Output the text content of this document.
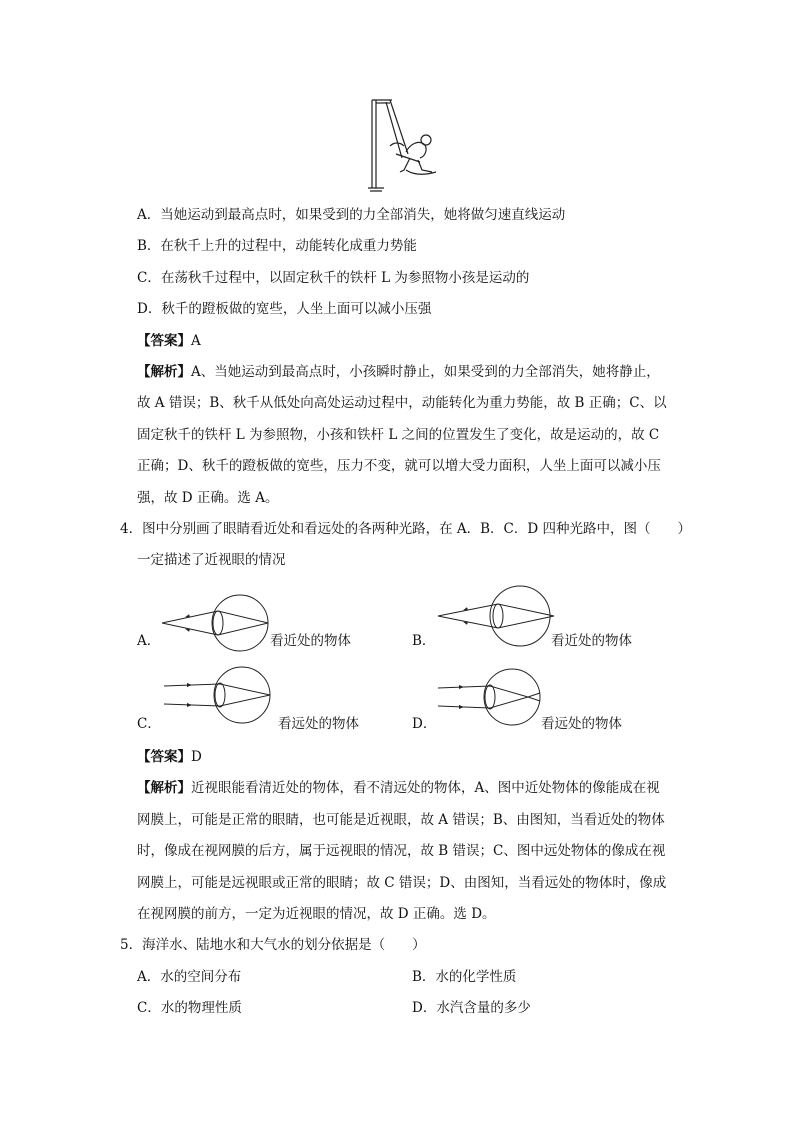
A．当她运动到最高点时，如果受到的力全部消失，她将做匀速直线运动
B．在秋千上升的过程中，动能转化成重力势能
C．在荡秋千过程中，以固定秋千的铁杆 L 为参照物小孩是运动的
D．秋千的蹬板做的宽些，人坐上面可以减小压强
【答案】A
【解析】A、当她运动到最高点时，小孩瞬时静止，如果受到的力全部消失，她将静止，
故 A 错误；B、秋千从低处向高处运动过程中，动能转化为重力势能，故 B 正确；C、以
固定秋千的铁杆 L 为参照物，小孩和铁杆 L 之间的位置发生了变化，故是运动的，故 C
正确；D、秋千的蹬板做的宽些，压力不变，就可以增大受力面积，人坐上面可以减小压
强，故 D 正确。选 A。
4．图中分别画了眼睛看近处和看远处的各两种光路，在 A．B．C．D 四种光路中，图（　　）
一定描述了近视眼的情况
A．	看近处的物体	B．	看近处的物体
C．	看远处的物体	D．	看远处的物体
【答案】D
【解析】近视眼能看清近处的物体，看不清远处的物体，A、图中近处物体的像能成在视
网膜上，可能是正常的眼睛，也可能是近视眼，故 A 错误；B、由图知，当看近处的物体
时，像成在视网膜的后方，属于远视眼的情况，故 B 错误；C、图中远处物体的像成在视
网膜上，可能是远视眼或正常的眼睛；故 C 错误；D、由图知，当看远处的物体时，像成
在视网膜的前方，一定为近视眼的情况，故 D 正确。选 D。
5．海洋水、陆地水和大气水的划分依据是（　　）
A．水的空间分布	B．水的化学性质
C．水的物理性质	D．水汽含量的多少
